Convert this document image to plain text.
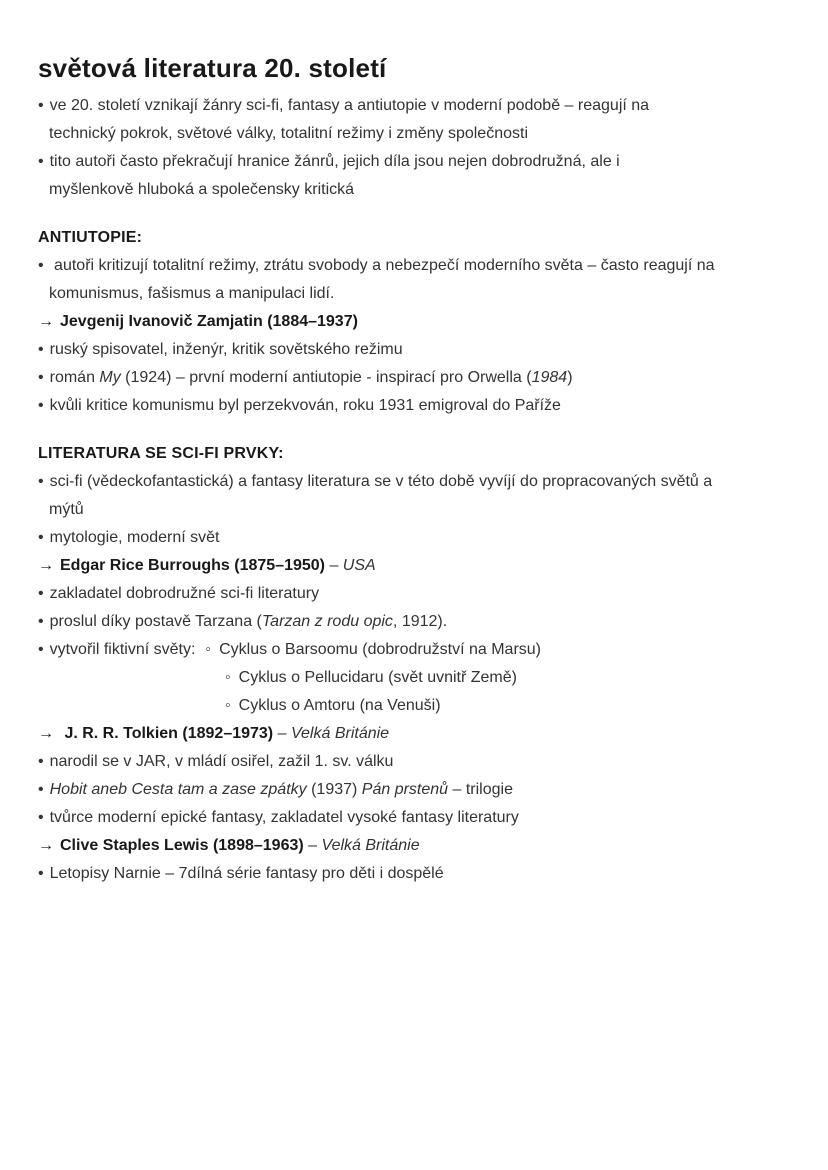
světová literatura 20. století

• ve 20. století vznikají žánry sci-fi, fantasy a antiutopie v moderní podobě – reagují na
technický pokrok, světové války, totalitní režimy i změny společnosti

• tito autoři často překračují hranice žánrů, jejich díla jsou nejen dobrodružná, ale i
myšlenkově hluboká a společensky kritická

ANTIUTOPIE:

• autoři kritizují totalitní režimy, ztrátu svobody a nebezpečí moderního světa – často reagují na
komunismus, fašismus a manipulaci lidí.

→ Jevgenij Ivanovič Zamjatin (1884–1937)

• ruský spisovatel, inženýr, kritik sovětského režimu

• román My (1924) – první moderní antiutopie - inspirací pro Orwella (1984)

• kvůli kritice komunismu byl perzekvován, roku 1931 emigroval do Paříže

LITERATURA SE SCI-FI PRVKY:

• sci-fi (vědeckofantastická) a fantasy literatura se v této době vyvíjí do propracovaných světů a
mýtů

• mytologie, moderní svět

→ Edgar Rice Burroughs (1875–1950) – USA

• zakladatel dobrodružné sci-fi literatury

• proslul díky postavě Tarzana (Tarzan z rodu opic, 1912).

• vytvořil fiktivní světy: ◦ Cyklus o Barsoomu (dobrodružství na Marsu)

◦ Cyklus o Pellucidaru (svět uvnitř Země)

◦ Cyklus o Amtoru (na Venuši)

→ J. R. R. Tolkien (1892–1973) – Velká Británie

• narodil se v JAR, v mládí osiřel, zažil 1. sv. válku

• Hobit aneb Cesta tam a zase zpátky (1937) Pán prstenů – trilogie

• tvůrce moderní epické fantasy, zakladatel vysoké fantasy literatury

→ Clive Staples Lewis (1898–1963) – Velká Británie

• Letopisy Narnie – 7dílná série fantasy pro děti i dospělé
